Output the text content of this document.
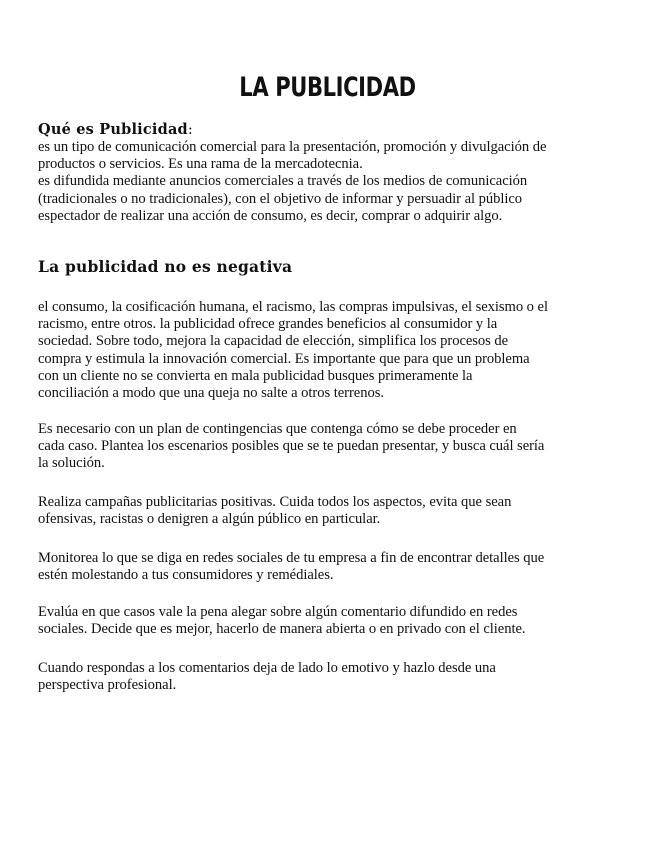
LA PUBLICIDAD
Qué es Publicidad:
es un tipo de comunicación comercial para la presentación, promoción y divulgación de
productos o servicios. Es una rama de la mercadotecnia.
es difundida mediante anuncios comerciales a través de los medios de comunicación
(tradicionales o no tradicionales), con el objetivo de informar y persuadir al público
espectador de realizar una acción de consumo, es decir, comprar o adquirir algo.
La publicidad no es negativa
el consumo, la cosificación humana, el racismo, las compras impulsivas, el sexismo o el
racismo, entre otros. la publicidad ofrece grandes beneficios al consumidor y la
sociedad. Sobre todo, mejora la capacidad de elección, simplifica los procesos de
compra y estimula la innovación comercial. Es importante que para que un problema
con un cliente no se convierta en mala publicidad busques primeramente la
conciliación a modo que una queja no salte a otros terrenos.
Es necesario con un plan de contingencias que contenga cómo se debe proceder en
cada caso. Plantea los escenarios posibles que se te puedan presentar, y busca cuál sería
la solución.
Realiza campañas publicitarias positivas. Cuida todos los aspectos, evita que sean
ofensivas, racistas o denigren a algún público en particular.
Monitorea lo que se diga en redes sociales de tu empresa a fin de encontrar detalles que
estén molestando a tus consumidores y remédiales.
Evalúa en que casos vale la pena alegar sobre algún comentario difundido en redes
sociales. Decide que es mejor, hacerlo de manera abierta o en privado con el cliente.
Cuando respondas a los comentarios deja de lado lo emotivo y hazlo desde una
perspectiva profesional.
